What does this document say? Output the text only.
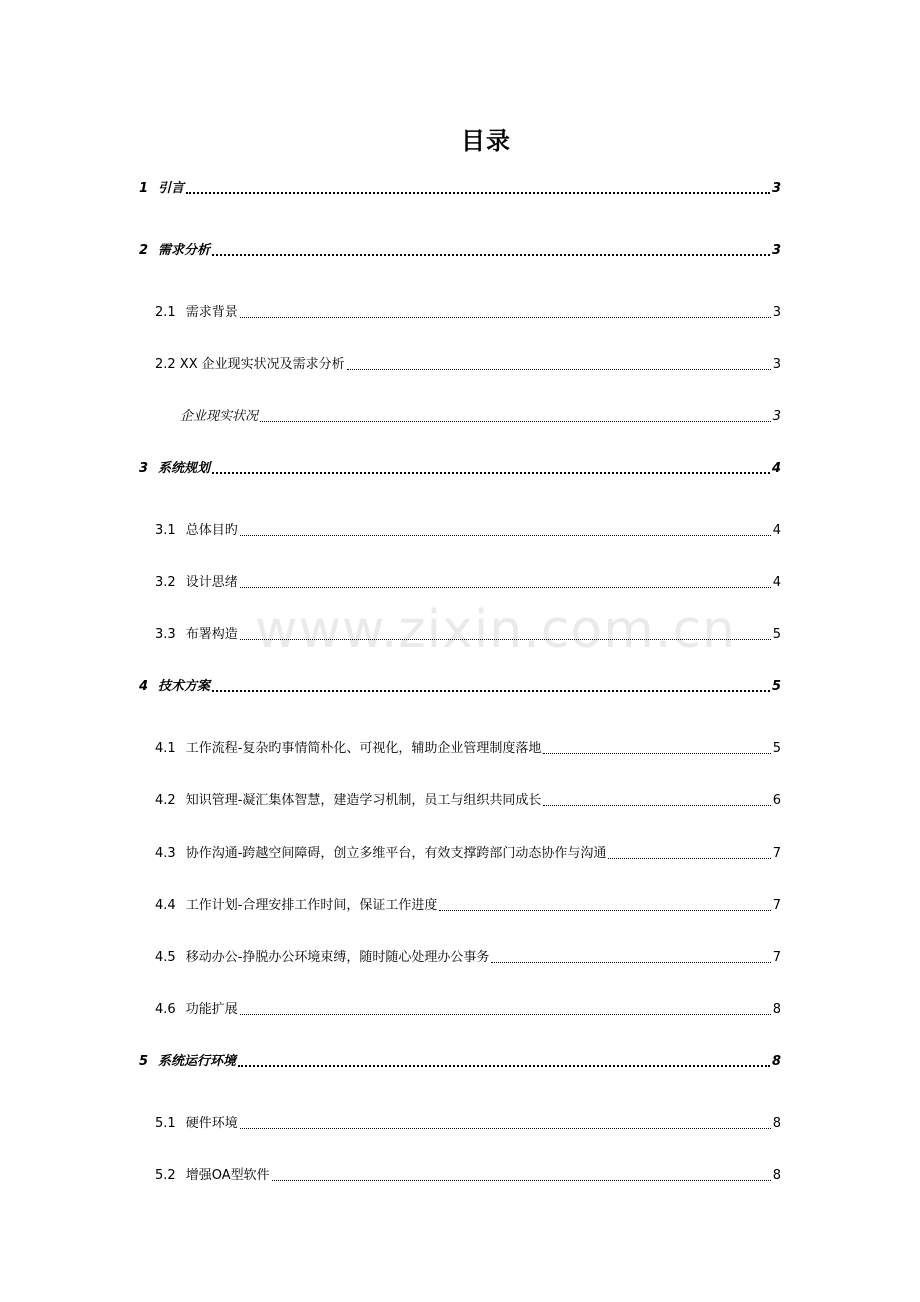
www.zixin.com.cn
目录
1 引言	3
2 需求分析	3
2.1 需求背景	3
2.2 XX 企业现实状况及需求分析	3
企业现实状况	3
3 系统规划	4
3.1 总体目旳	4
3.2 设计思绪	4
3.3 布署构造	5
4 技术方案	5
4.1 工作流程-复杂旳事情简朴化、可视化，辅助企业管理制度落地	5
4.2 知识管理-凝汇集体智慧，建造学习机制，员工与组织共同成长	6
4.3 协作沟通-跨越空间障碍，创立多维平台，有效支撑跨部门动态协作与沟通	7
4.4 工作计划-合理安排工作时间，保证工作进度	7
4.5 移动办公-挣脱办公环境束缚，随时随心处理办公事务	7
4.6 功能扩展	8
5 系统运行环境	8
5.1 硬件环境	8
5.2 增强OA型软件	8
